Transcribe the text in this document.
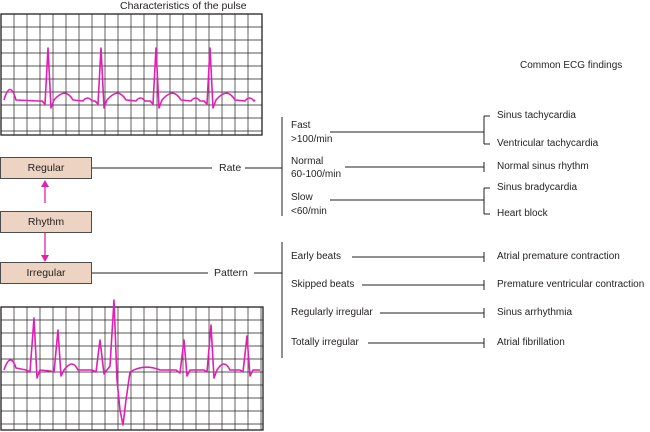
Characteristics of the pulse
Common ECG findings
Regular
Rhythm
Irregular
Rate
Pattern
Fast
>100/min
Normal
60-100/min
Slow
<60/min
Early beats
Skipped beats
Regularly irregular
Totally irregular
Sinus tachycardia
Ventricular tachycardia
Normal sinus rhythm
Sinus bradycardia
Heart block
Atrial premature contraction
Premature ventricular contraction
Sinus arrhythmia
Atrial fibrillation
